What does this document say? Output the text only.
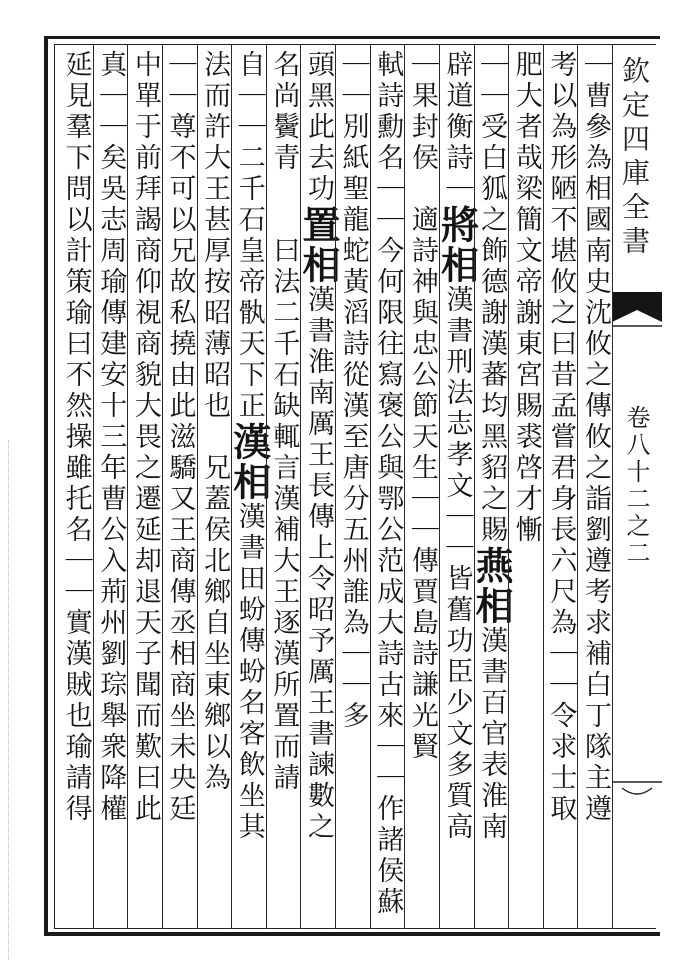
欽定四庫全書
卷八十二之二
｜曹參為相國南史沈攸之傳攸之詣劉遵考求補白丁隊主遵
考以為形陋不堪攸之曰昔孟嘗君身長六尺為｜｜令求士取
肥大者哉梁簡文帝謝東宮賜裘啓才慚
｜｜受白狐之飾德謝漢蕃均黑貂之賜燕相漢書百官表淮南
辟道衡詩｜將相漢書刑法志孝文｜｜皆舊功臣少文多質高
｜果封侯　適詩神與忠公節天生｜｜傳賈島詩謙光賢
軾詩勳名｜｜今何限往寫褒公與鄂公范成大詩古來｜｜作諸侯蘇
｜｜別紙聖龍蛇黃滔詩從漢至唐分五州誰為｜｜多
頭黑此去功置相漢書淮南厲王長傳上令昭予厲王書諫數之
名尚鬢青　　曰法二千石缺輒言漢補大王逐漢所置而請
自｜｜二千石皇帝骫天下正漢相漢書田蚡傳蚡名客飲坐其
法而許大王甚厚按昭薄昭也　兄蓋侯北鄉自坐東鄉以為
｜｜尊不可以兄故私撓由此滋驕又王商傳丞相商坐未央廷
中單于前拜謁商仰視商貌大畏之遷延却退天子聞而歎曰此
真｜｜矣吳志周瑜傳建安十三年曹公入荊州劉琮舉衆降權
延見羣下問以計策瑜曰不然操雖托名｜｜實漢賊也瑜請得
